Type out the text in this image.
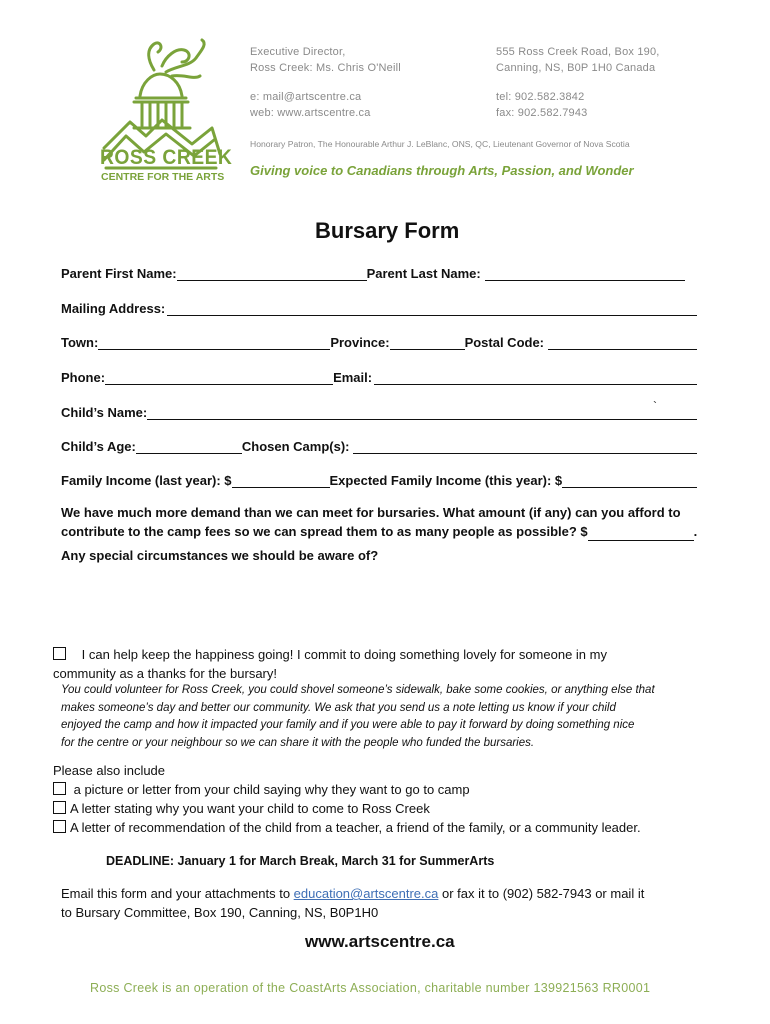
ROSS CREEK
CENTRE FOR THE ARTS
Executive Director,
Ross Creek: Ms. Chris O'Neill
555 Ross Creek Road, Box 190,
Canning, NS, B0P 1H0 Canada
e: mail@artscentre.ca
web: www.artscentre.ca
tel: 902.582.3842
fax: 902.582.7943
Honorary Patron, The Honourable Arthur J. LeBlanc, ONS, QC, Lieutenant Governor of Nova Scotia
Giving voice to Canadians through Arts, Passion, and Wonder
Bursary Form
Parent First Name:	Parent Last Name:
Mailing Address:
Town:	Province:	Postal Code:
Phone:	Email:
Child’s Name:	`
Child’s Age:	Chosen Camp(s):
Family Income (last year): $	Expected Family Income (this year): $
We have much more demand than we can meet for bursaries. What amount (if any) can you afford to
contribute to the camp fees so we can spread them to as many people as possible? $	.
Any special circumstances we should be aware of?
I can help keep the happiness going! I commit to doing something lovely for someone in my
community as a thanks for the bursary!
You could volunteer for Ross Creek, you could shovel someone’s sidewalk, bake some cookies, or anything else that
makes someone’s day and better our community. We ask that you send us a note letting us know if your child
enjoyed the camp and how it impacted your family and if you were able to pay it forward by doing something nice
for the centre or your neighbour so we can share it with the people who funded the bursaries.
Please also include
a picture or letter from your child saying why they want to go to camp
A letter stating why you want your child to come to Ross Creek
A letter of recommendation of the child from a teacher, a friend of the family, or a community leader.
DEADLINE: January 1 for March Break, March 31 for SummerArts
Email this form and your attachments to education@artscentre.ca or fax it to (902) 582-7943 or mail it
to Bursary Committee, Box 190, Canning, NS, B0P1H0
www.artscentre.ca
Ross Creek is an operation of the CoastArts Association, charitable number 139921563 RR0001
